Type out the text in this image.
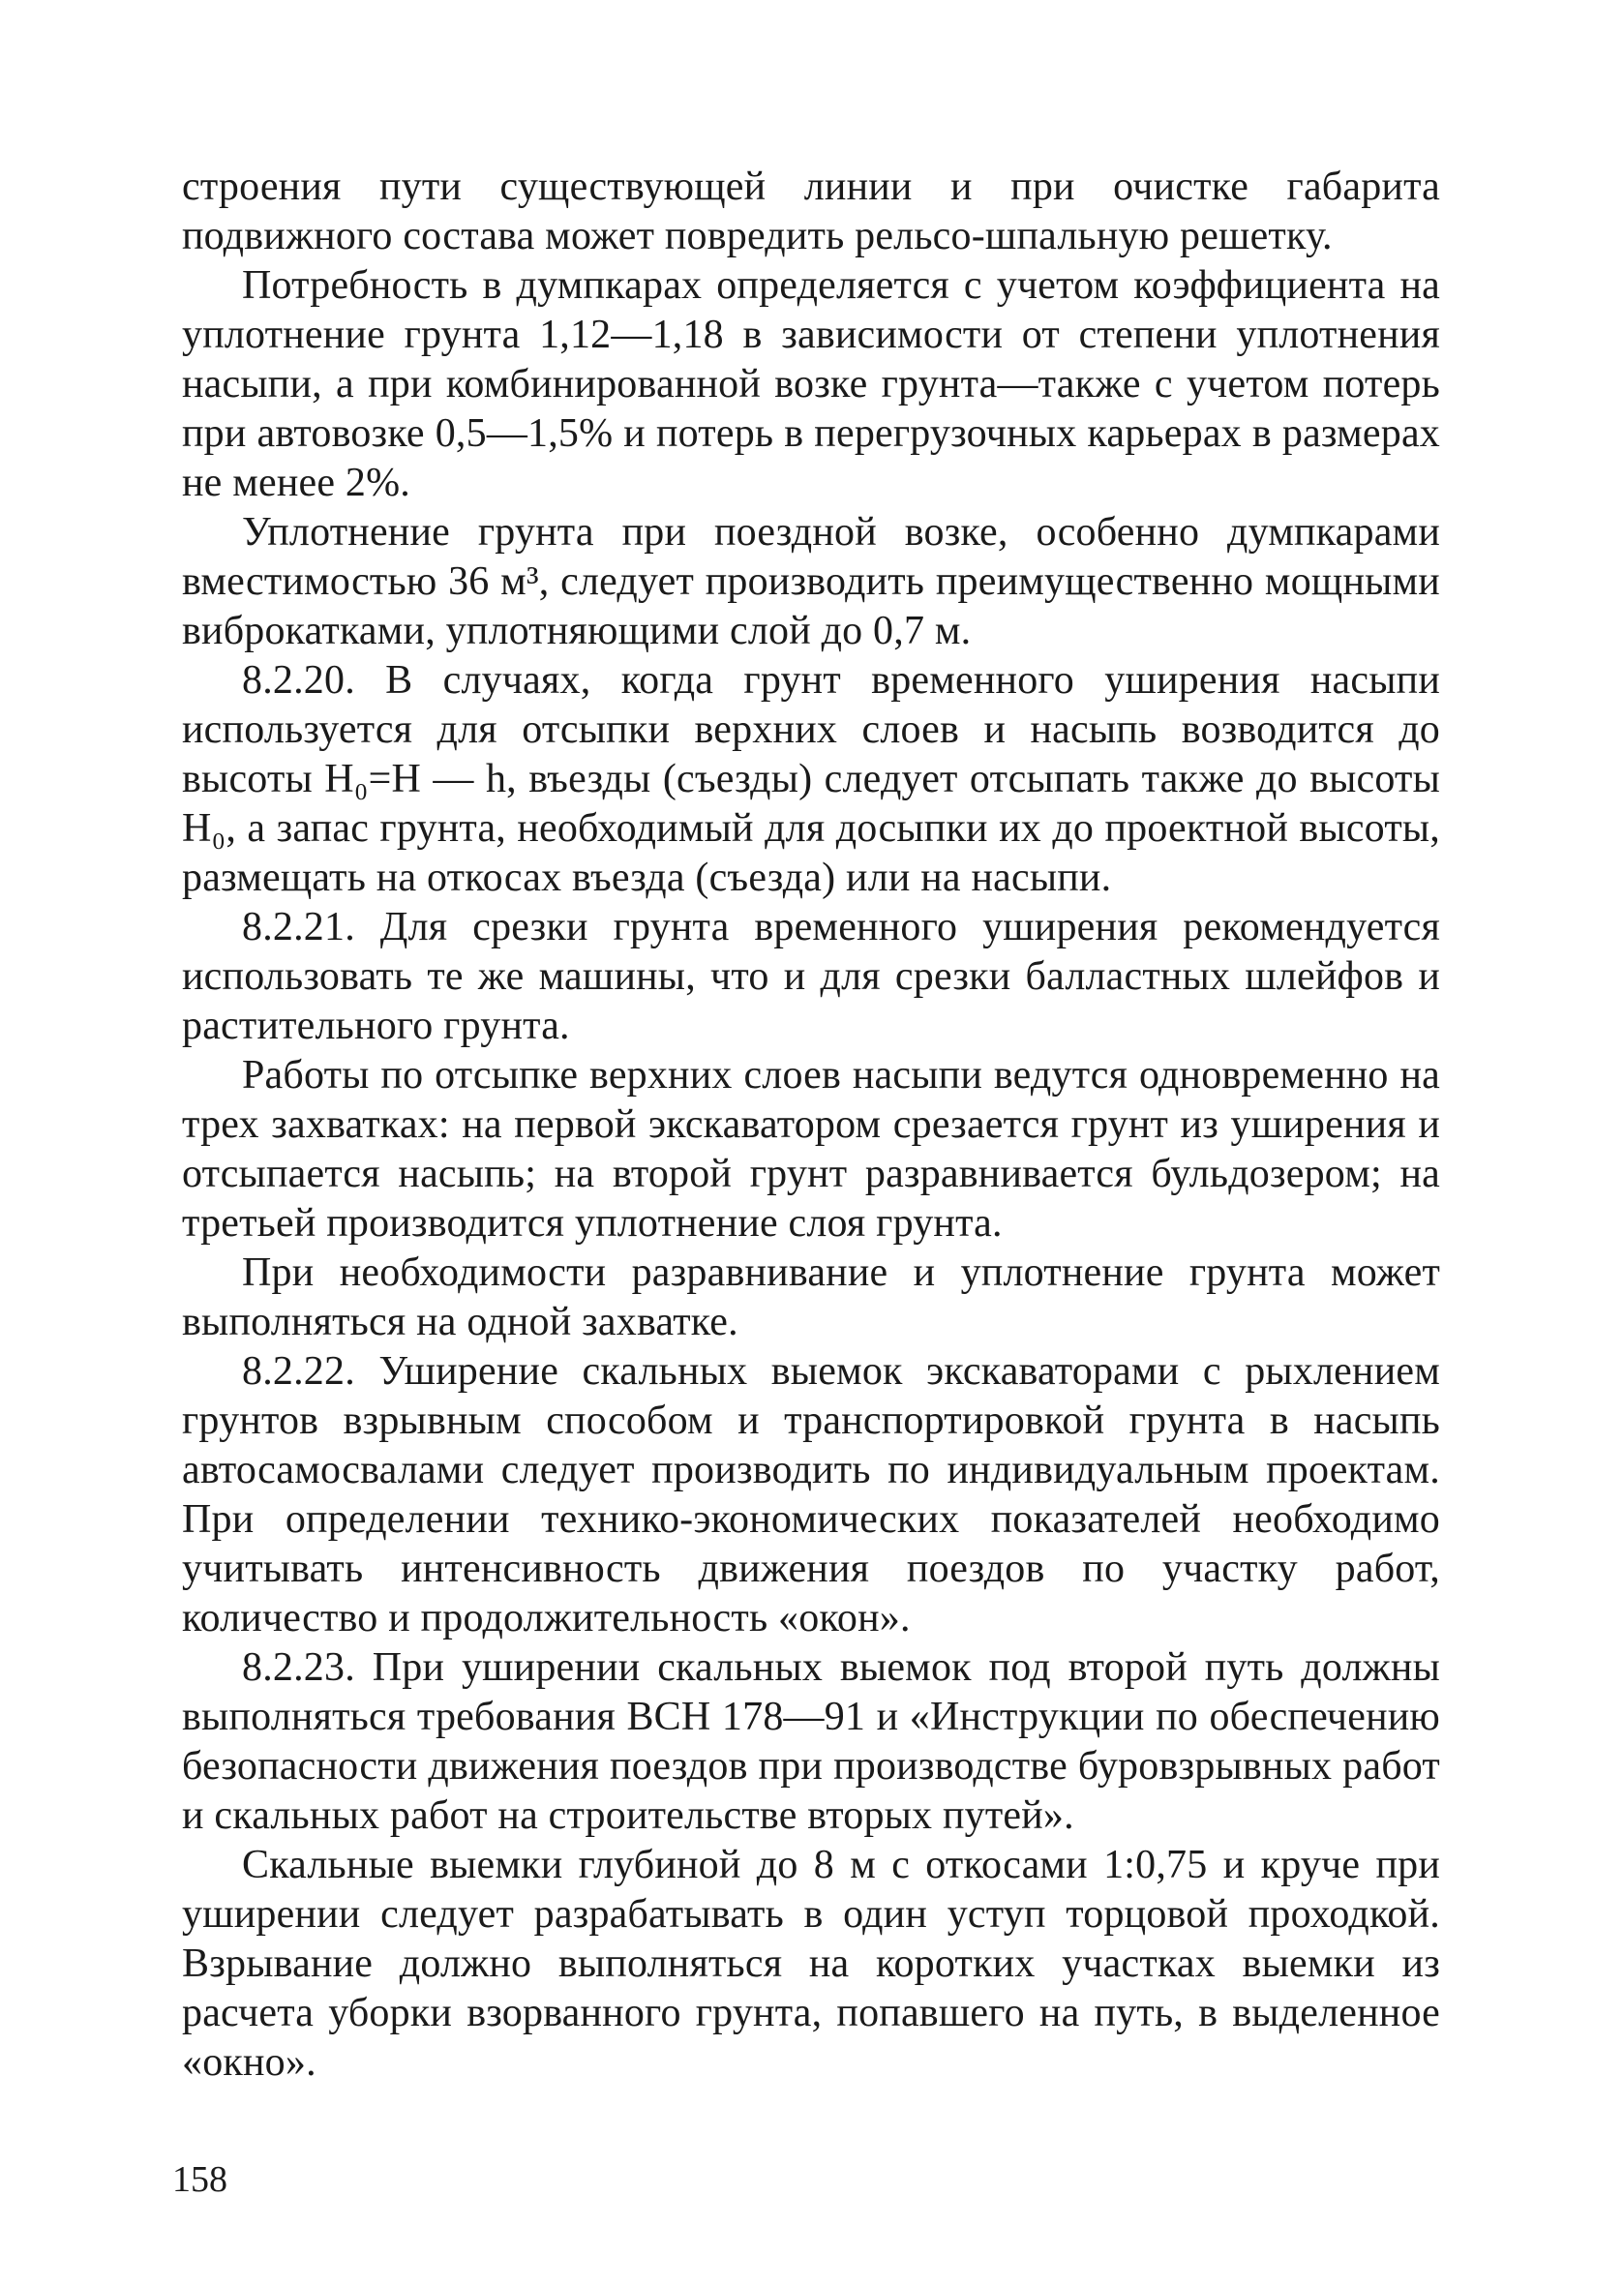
строения пути существующей линии и при очистке габарита подвижного состава может повредить рельсо-шпальную решетку.

Потребность в думпкарах определяется с учетом коэффициента на уплотнение грунта 1,12—1,18 в зависимости от степени уплотнения насыпи, а при комбинированной возке грунта—также с учетом потерь при автовозке 0,5—1,5% и потерь в перегрузочных карьерах в размерах не менее 2%.

Уплотнение грунта при поездной возке, особенно думпкарами вместимостью 36 м³, следует производить преимущественно мощными виброкатками, уплотняющими слой до 0,7 м.

8.2.20. В случаях, когда грунт временного уширения насыпи используется для отсыпки верхних слоев и насыпь возводится до высоты H₀=H — h, въезды (съезды) следует отсыпать также до высоты H₀, а запас грунта, необходимый для досыпки их до проектной высоты, размещать на откосах въезда (съезда) или на насыпи.

8.2.21. Для срезки грунта временного уширения рекомендуется использовать те же машины, что и для срезки балластных шлейфов и растительного грунта.

Работы по отсыпке верхних слоев насыпи ведутся одновременно на трех захватках: на первой экскаватором срезается грунт из уширения и отсыпается насыпь; на второй грунт разравнивается бульдозером; на третьей производится уплотнение слоя грунта.

При необходимости разравнивание и уплотнение грунта может выполняться на одной захватке.

8.2.22. Уширение скальных выемок экскаваторами с рыхлением грунтов взрывным способом и транспортировкой грунта в насыпь автосамосвалами следует производить по индивидуальным проектам. При определении технико-экономических показателей необходимо учитывать интенсивность движения поездов по участку работ, количество и продолжительность «окон».

8.2.23. При уширении скальных выемок под второй путь должны выполняться требования ВСН 178—91 и «Инструкции по обеспечению безопасности движения поездов при производстве буровзрывных работ и скальных работ на строительстве вторых путей».

Скальные выемки глубиной до 8 м с откосами 1:0,75 и круче при уширении следует разрабатывать в один уступ торцовой проходкой. Взрывание должно выполняться на коротких участках выемки из расчета уборки взорванного грунта, попавшего на путь, в выделенное «окно».

158
